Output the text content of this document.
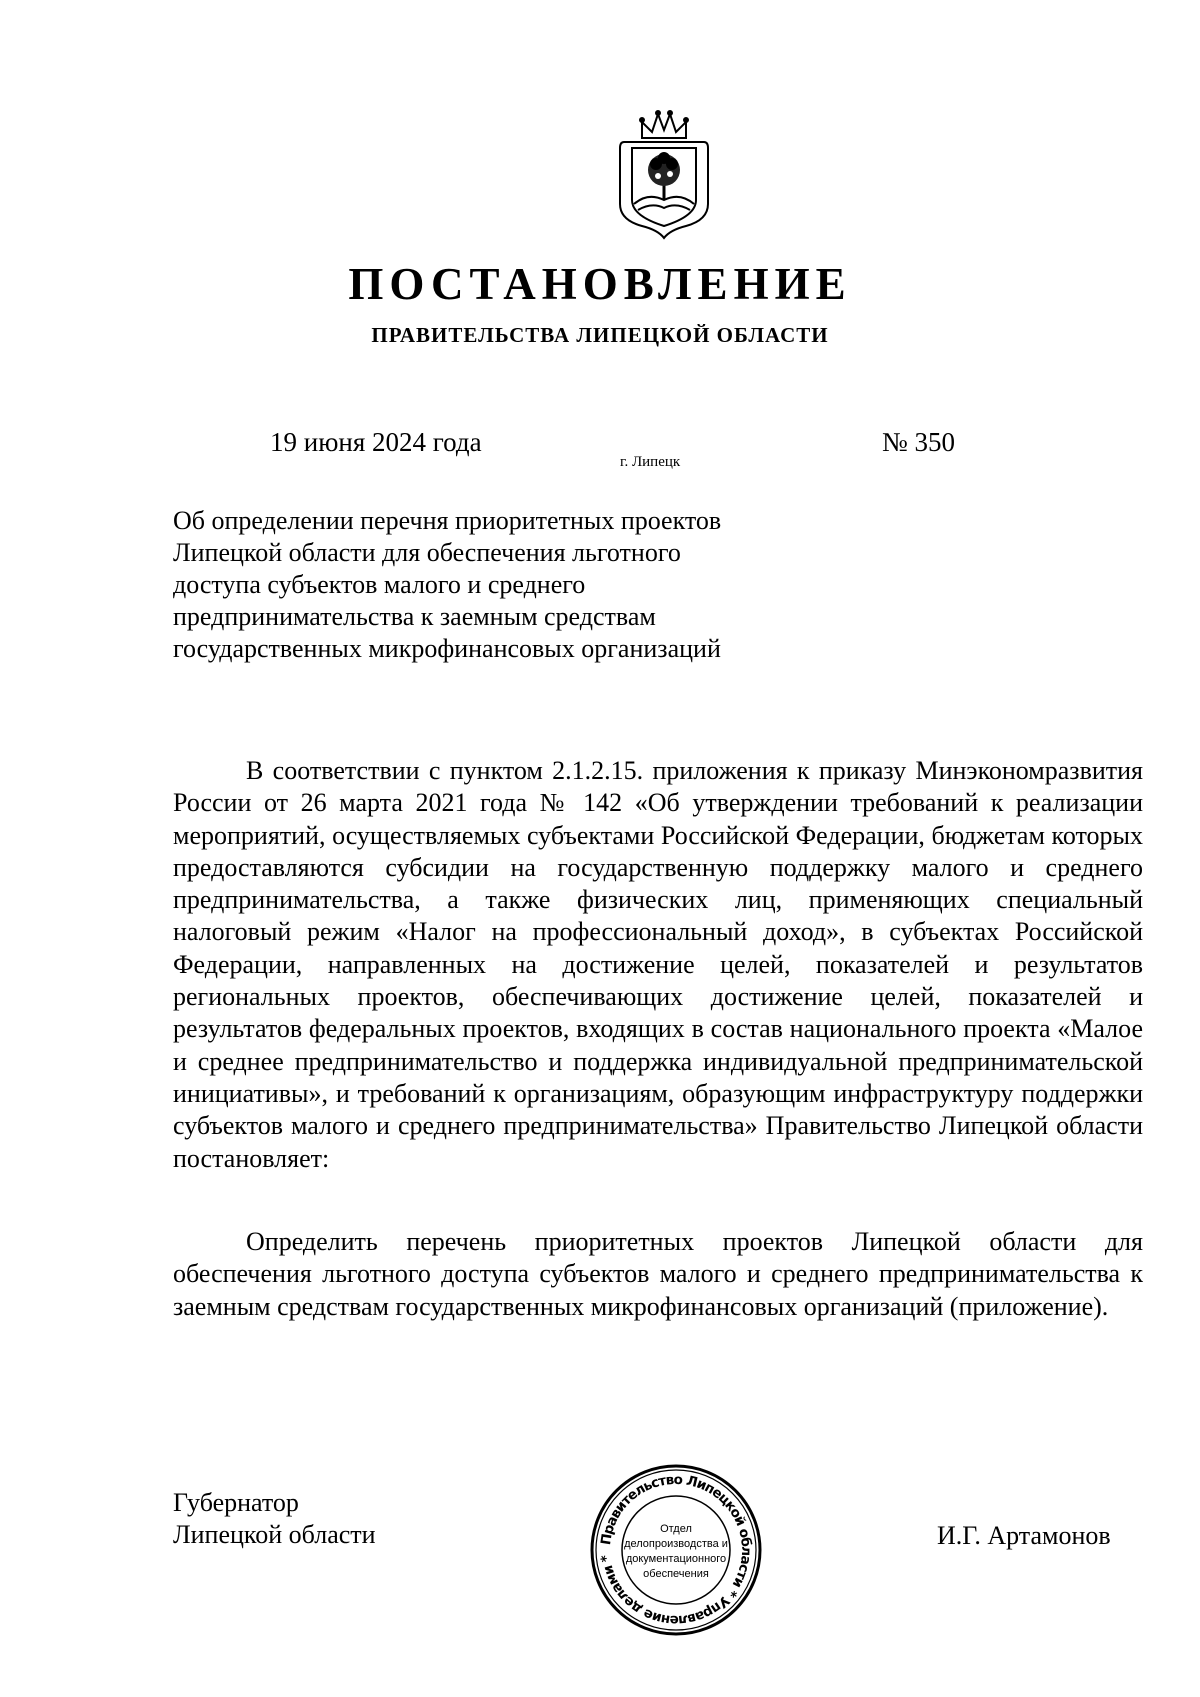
ПОСТАНОВЛЕНИЕ
ПРАВИТЕЛЬСТВА ЛИПЕЦКОЙ ОБЛАСТИ
19 июня 2024 года
г. Липецк
№ 350
Об определении перечня приоритетных проектов
Липецкой области для обеспечения льготного
доступа субъектов малого и среднего
предпринимательства к заемным средствам
государственных микрофинансовых организаций

В соответствии с пунктом 2.1.2.15. приложения к приказу Минэкономразвития России от 26 марта 2021 года № 142 «Об утверждении требований к реализации мероприятий, осуществляемых субъектами Российской Федерации, бюджетам которых предоставляются субсидии на государственную поддержку малого и среднего предпринимательства, а также физических лиц, применяющих специальный налоговый режим «Налог на профессиональный доход», в субъектах Российской Федерации, направленных на достижение целей, показателей и результатов региональных проектов, обеспечивающих достижение целей, показателей и результатов федеральных проектов, входящих в состав национального проекта «Малое и среднее предпринимательство и поддержка индивидуальной предпринимательской инициативы», и требований к организациям, образующим инфраструктуру поддержки субъектов малого и среднего предпринимательства» Правительство Липецкой области постановляет:

Определить перечень приоритетных проектов Липецкой области для обеспечения льготного доступа субъектов малого и среднего предпринимательства к заемным средствам государственных микрофинансовых организаций (приложение).

Губернатор
Липецкой области	И.Г. Артамонов
Правительство Липецкой области * Управление делами *
Отдел
делопроизводства и
документационного
обеспечения
